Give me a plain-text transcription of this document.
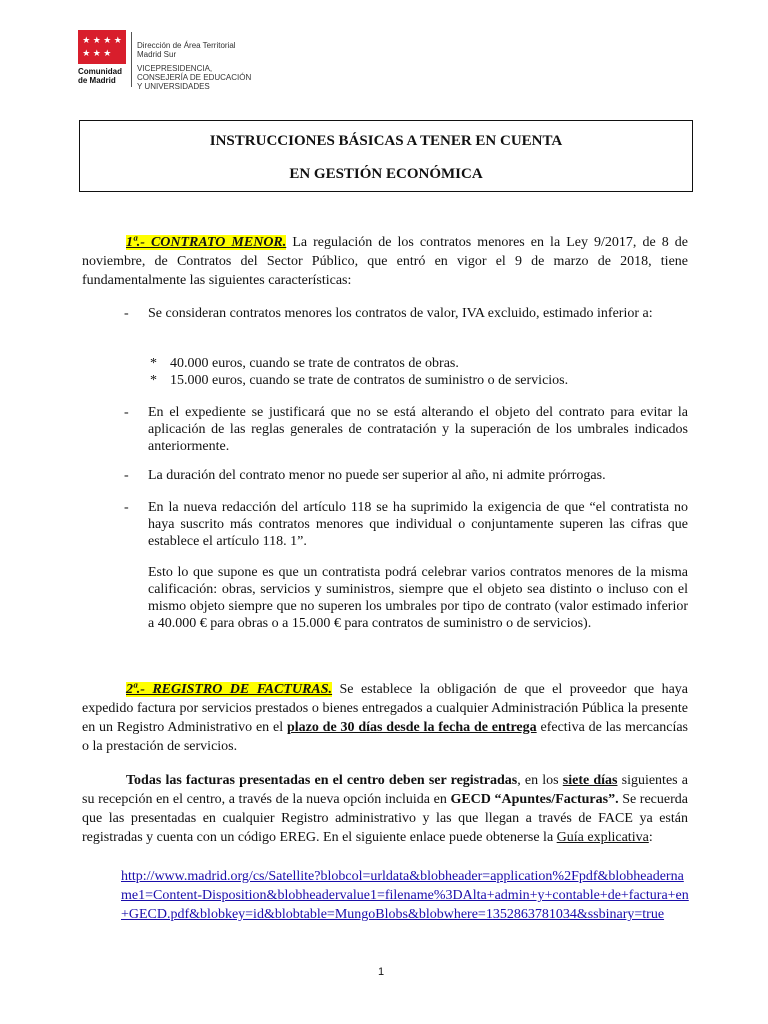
★ ★ ★ ★
★ ★ ★
Comunidad
de Madrid
Dirección de Área Territorial
Madrid Sur
VICEPRESIDENCIA,
CONSEJERÍA DE EDUCACIÓN
Y UNIVERSIDADES
INSTRUCCIONES BÁSICAS A TENER EN CUENTA
EN GESTIÓN ECONÓMICA
1ª.- CONTRATO MENOR. La regulación de los contratos menores en la Ley 9/2017, de 8 de noviembre, de Contratos del Sector Público, que entró en vigor el 9 de marzo de 2018, tiene fundamentalmente las siguientes características:
- Se consideran contratos menores los contratos de valor, IVA excluido, estimado inferior a:
* 40.000 euros, cuando se trate de contratos de obras.
* 15.000 euros, cuando se trate de contratos de suministro o de servicios.
- En el expediente se justificará que no se está alterando el objeto del contrato para evitar la aplicación de las reglas generales de contratación y la superación de los umbrales indicados anteriormente.
- La duración del contrato menor no puede ser superior al año, ni admite prórrogas.
- En la nueva redacción del artículo 118 se ha suprimido la exigencia de que “el contratista no haya suscrito más contratos menores que individual o conjuntamente superen las cifras que establece el artículo 118. 1”.
Esto lo que supone es que un contratista podrá celebrar varios contratos menores de la misma calificación: obras, servicios y suministros, siempre que el objeto sea distinto o incluso con el mismo objeto siempre que no superen los umbrales por tipo de contrato (valor estimado inferior a 40.000 € para obras o a 15.000 € para contratos de suministro o de servicios).
2ª.- REGISTRO DE FACTURAS. Se establece la obligación de que el proveedor que haya expedido factura por servicios prestados o bienes entregados a cualquier Administración Pública la presente en un Registro Administrativo en el plazo de 30 días desde la fecha de entrega efectiva de las mercancías o la prestación de servicios.
Todas las facturas presentadas en el centro deben ser registradas, en los siete días siguientes a su recepción en el centro, a través de la nueva opción incluida en GECD “Apuntes/Facturas”. Se recuerda que las presentadas en cualquier Registro administrativo y las que llegan a través de FACE ya están registradas y cuenta con un código EREG. En el siguiente enlace puede obtenerse la Guía explicativa:
http://www.madrid.org/cs/Satellite?blobcol=urldata&blobheader=application%2Fpdf&blobheadername1=Content-Disposition&blobheadervalue1=filename%3DAlta+admin+y+contable+de+factura+en+GECD.pdf&blobkey=id&blobtable=MungoBlobs&blobwhere=1352863781034&ssbinary=true
1
